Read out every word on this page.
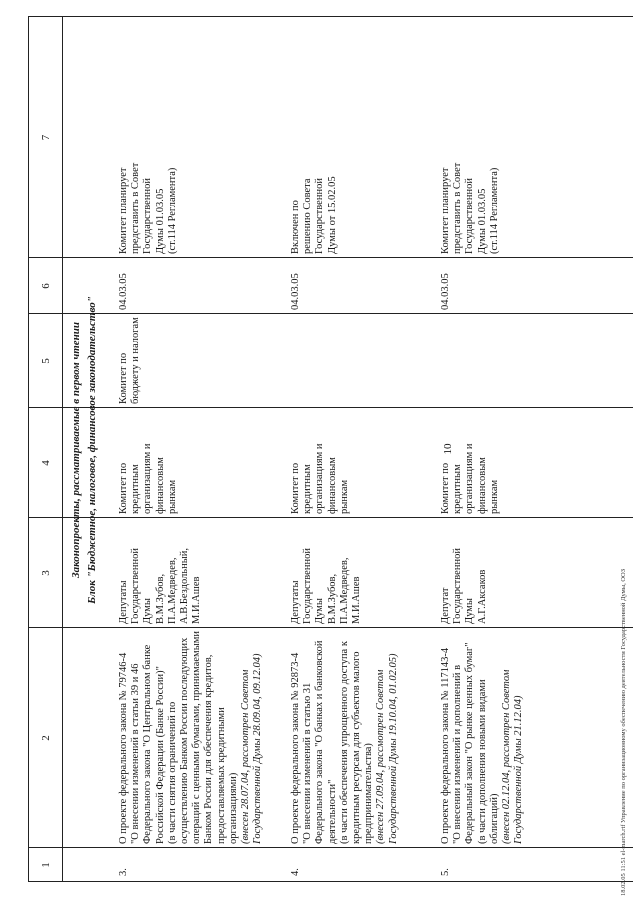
10
1
2
3
4
5
6
7
Законопроекты, рассматриваемые в первом чтении Блок "Бюджетное, налоговое, финансовое законодательство"
3.
О проекте федерального закона № 79746-4 "О внесении изменений в статьи 39 и 46 Федерального закона "О Центральном банке Российской Федерации (Банке России)" (в части снятия ограничений по осуществлению Банком России последующих операций с ценными бумагами, принимаемыми Банком России для обеспечения кредитов, предоставляемых кредитными организациями) (внесен 28.07.04, рассмотрен Советом Государственной Думы 28.09.04, 09.12.04)
Депутаты Государственной Думы В.М.Зубов, П.А.Медведев, А.В.Бездольный, М.И.Ашев
Комитет по кредитным организациям и финансовым рынкам
Комитет по бюджету и налогам
04.03.05
Комитет планирует представить в Совет Государственной Думы 01.03.05 (ст.114 Регламента)
4.
О проекте федерального закона № 92873-4 "О внесении изменений в статью 31 Федерального закона "О банках и банковской деятельности" (в части обеспечения упрощенного доступа к кредитным ресурсам для субъектов малого предпринимательства) (внесен 27.09.04, рассмотрен Советом Государственной Думы 19.10.04, 01.02.05)
Депутаты Государственной Думы В.М.Зубов, П.А.Медведев, М.И.Ашев
Комитет по кредитным организациям и финансовым рынкам
04.03.05
Включен по решению Совета Государственной Думы от 15.02.05
5.
О проекте федерального закона № 117143-4 "О внесении изменений и дополнений в Федеральный закон "О рынке ценных бумаг" (в части дополнения новыми видами облигаций) (внесен 02.12.04, рассмотрен Советом Государственной Думы 21.12.04)
Депутат Государственной Думы А.Г.Аксаков
Комитет по кредитным организациям и финансовым рынкам
04.03.05
Комитет планирует представить в Совет Государственной Думы 01.03.05 (ст.114 Регламента)
18.02.05 11:51 el-march.rtf Управление по организационному обеспечению деятельности Государственной Думы, ООЗ
